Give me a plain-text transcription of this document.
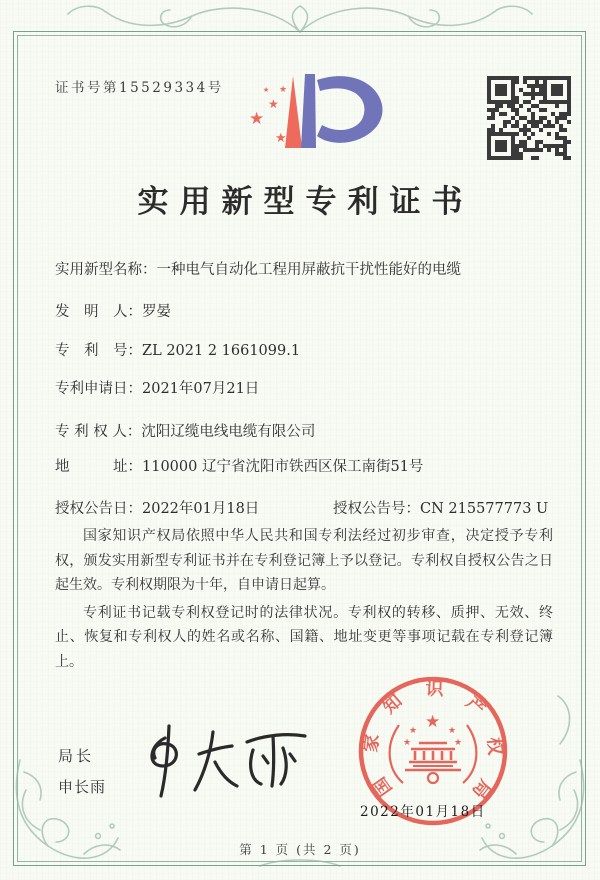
证书号第15529334号
★
★
★
★
★
实用新型专利证书
实用新型名称：一种电气自动化工程用屏蔽抗干扰性能好的电缆
发　明　人：罗晏
专　利　号：ZL 2021 2 1661099.1
专利申请日：2021年07月21日
专 利 权 人：沈阳辽缆电线电缆有限公司
地　　　址：110000 辽宁省沈阳市铁西区保工南街51号
授权公告日：2022年01月18日	授权公告号：CN 215577773 U

国家知识产权局依照中华人民共和国专利法经过初步审查，决定授予专利权，颁发实用新型专利证书并在专利登记簿上予以登记。专利权自授权公告之日起生效。专利权期限为十年，自申请日起算。

专利证书记载专利权登记时的法律状况。专利权的转移、质押、无效、终止、恢复和专利权人的姓名或名称、国籍、地址变更等事项记载在专利登记簿上。

局长
申长雨	国家知识产权局
★
★
★
★
★
2022年01月18日
第 1 页 (共 2 页)
